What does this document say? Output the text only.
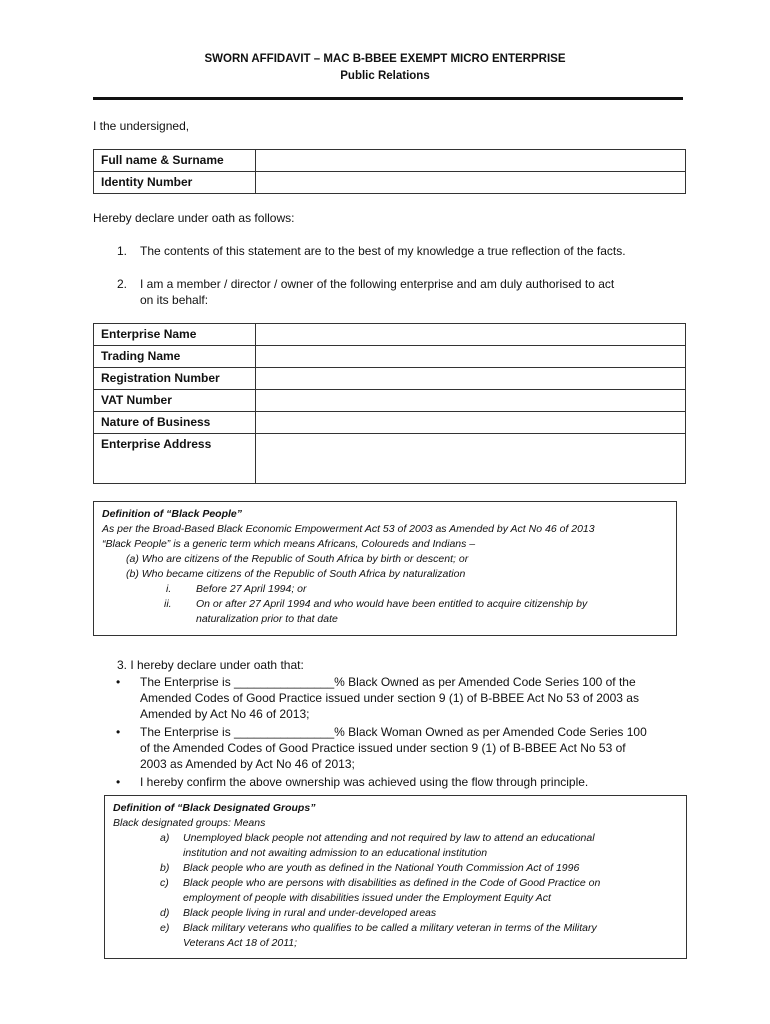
SWORN AFFIDAVIT – MAC B-BBEE EXEMPT MICRO ENTERPRISE
Public Relations
I the undersigned,
Full name & Surname	
Identity Number	
Hereby declare under oath as follows:
1. The contents of this statement are to the best of my knowledge a true reflection of the facts.
2. I am a member / director / owner of the following enterprise and am duly authorised to act
on its behalf:
Enterprise Name	
Trading Name	
Registration Number	
VAT Number	
Nature of Business	
Enterprise Address	
Definition of “Black People”
As per the Broad-Based Black Economic Empowerment Act 53 of 2003 as Amended by Act No 46 of 2013
“Black People” is a generic term which means Africans, Coloureds and Indians –
(a) Who are citizens of the Republic of South Africa by birth or descent; or
(b) Who became citizens of the Republic of South Africa by naturalization
i. Before 27 April 1994; or
ii. On or after 27 April 1994 and who would have been entitled to acquire citizenship by
naturalization prior to that date
3. I hereby declare under oath that:
• The Enterprise is _______________% Black Owned as per Amended Code Series 100 of the
Amended Codes of Good Practice issued under section 9 (1) of B-BBEE Act No 53 of 2003 as
Amended by Act No 46 of 2013;
• The Enterprise is _______________% Black Woman Owned as per Amended Code Series 100
of the Amended Codes of Good Practice issued under section 9 (1) of B-BBEE Act No 53 of
2003 as Amended by Act No 46 of 2013;
• I hereby confirm the above ownership was achieved using the flow through principle.
Definition of “Black Designated Groups”
Black designated groups: Means
a) Unemployed black people not attending and not required by law to attend an educational
institution and not awaiting admission to an educational institution
b) Black people who are youth as defined in the National Youth Commission Act of 1996
c) Black people who are persons with disabilities as defined in the Code of Good Practice on
employment of people with disabilities issued under the Employment Equity Act
d) Black people living in rural and under-developed areas
e) Black military veterans who qualifies to be called a military veteran in terms of the Military
Veterans Act 18 of 2011;
